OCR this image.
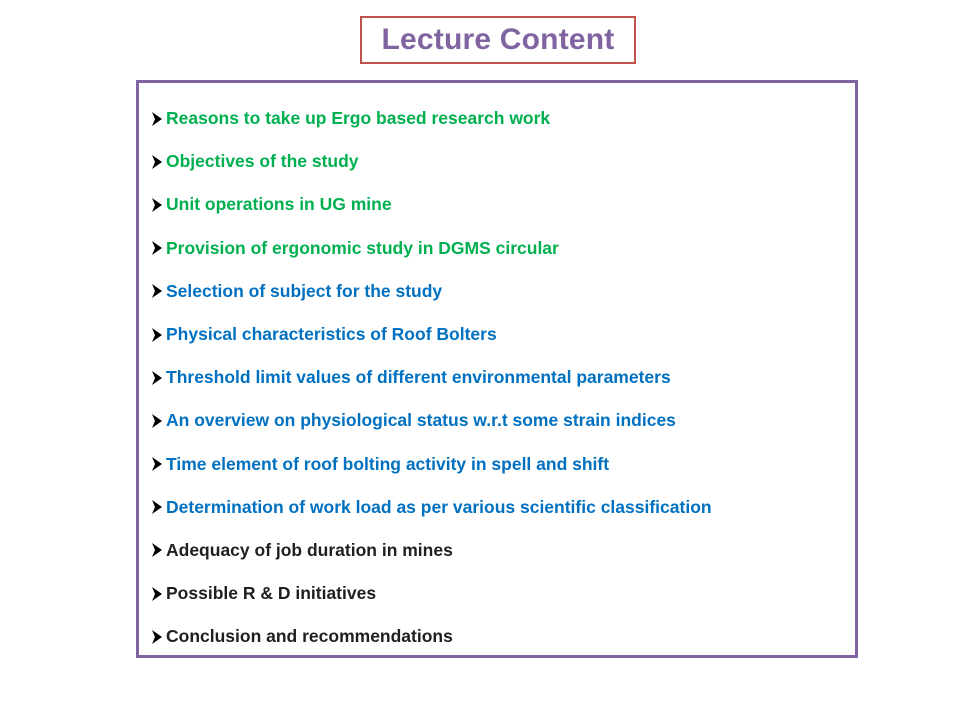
Lecture Content
Reasons to take up Ergo based research work
Objectives of the study
Unit operations in UG mine
Provision of ergonomic study in DGMS circular
Selection of subject for the study
Physical characteristics of Roof Bolters
Threshold limit values of different environmental parameters
An overview on physiological status w.r.t some strain indices
Time element of roof bolting activity in spell and shift
Determination of work load as per various scientific classification
Adequacy of job duration in mines
Possible R & D initiatives
Conclusion and recommendations
